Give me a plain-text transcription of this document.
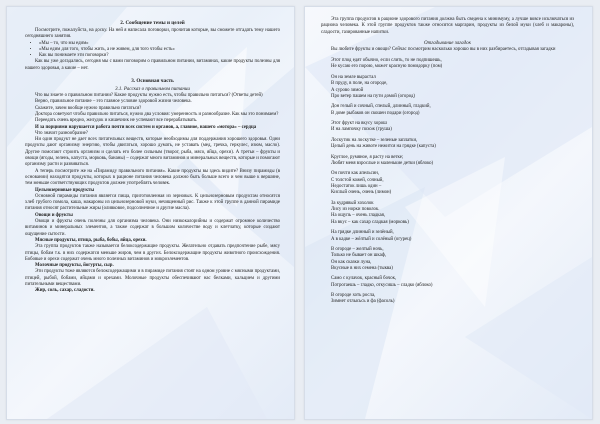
2. Сообщение темы и целей

Посмотрите, пожалуйста, на доску. На ней я написала поговорки, прочитав которые, вы сможете отгадать тему нашего сегодняшнего занятия.

• «Мы – то, что мы едим»
• «Мы едим для того, чтобы жить, а не живем, для того чтобы есть»
• Как вы понимаете эти поговорки?

Как вы уже догадались, сегодня мы с вами поговорим о правильном питании, витаминах, какие продукты полезны для нашего здоровья, а какие – нет.

3. Основная часть
3.1. Рассказ о правильном питании

Что вы знаете о правильном питании? Какие продукты нужно есть, чтобы правильно питаться? (Ответы детей)

Верно, правильное питание – это главное условие здоровой жизни человека.

Скажите, зачем вообще нужно правильно питаться?

Доктора советуют чтобы правильно питаться, нужно два условия: умеренность и разнообразие. Как мы это понимаем?

Переедать очень вредно, желудок и кишечник не успевают все перерабатывать.

И за порциями нарушается работа почти всех систем и органов, а, главное, нашего «мотора» – сердца

Что значит разнообразие?

Ни один продукт не дает всех питательных веществ, которые необходимы для поддержания хорошего здоровья. Одни продукты дают организму энергию, чтобы двигаться, хорошо думать, не уставать (мед, гречка, геркулес, изюм, масло). Другие помогают строить организм и сделать его более сильным (творог, рыба, мясо, яйца, орехи). А третьи – фрукты и овощи (ягоды, зелень, капуста, морковь, бананы) – содержат много витаминов и минеральных веществ, которые и помогают организму расти и развиваться.

А теперь посмотрите же на «Пирамиду правильного питания». Какие продукты вы здесь видите? Внизу пирамиды (в основании) находятся продукты, которых в рационе питания человека должно быть больше всего и чем выше к вершине, тем меньше соответствующих продуктов должен употреблять человек.

Цельнозерновые продукты

Основной пирамиды питания является пища, приготовленная из зерновых. К цельнозерновым продуктам относятся хлеб грубого помола, каша, макароны из цельнозерновой муки, нечищенный рис. Также к этой группе в данной пирамиде питания относят растительные жиры (оливковое, подсолнечное и другие масла).

Овощи и фрукты

Овощи и фрукты очень полезны для организма человека. Они низкокалорийны и содержат огромное количество витаминов и минеральных элементов, а также содержат в большом количестве воду и клетчатку, которые создают ощущение сытости.

Мясные продукты, птица, рыба, бобы, яйца, орехи.

Эта группа продуктов также называется белоксодержащие продукты. Желательно отдавать предпочтение рыбе, мясу птицы, бобам т.к. в них содержатся меньше жиров, чем в других. Белоксодержащие продукты животного происхождения. Бобовые и орехи содержат очень много полезных витаминов и микроэлементов.

Молочные продукты, йогурты, сыр.

Эти продукты тоже являются белоксодержащими и в пирамиде питания стоят на одном уровне с мясными продуктами, птицей, рыбой, бобами, яйцами и орехами. Молочные продукты обеспечивают нас белками, кальцием и другими питательными веществами.

Жир, соль, сахар, сладости.

Эта группа продуктов в рационе здорового питания должна быть сведена к минимуму, а лучше вовсе исключаться из рациона человека. К этой группе продуктов также относятся маргарин, продукты из белой муки (хлеб и макароны), сладости, газированные напитки.

Отгадывание загадок

Вы любите фрукты и овощи? Сейчас посмотрим насколько хорошо вы в них разбираетесь, отгадывая загадки

Этот плод едят обычно, если слить, то не подпишешь,
Не кусаю его порою, может красную помидорку (пом)
Он на земле вырастал
В пруду, в поле, на огороде,
А сурово зимой
Про ветер пашем на пути домой (огород)
Дон гелый и сочный, спелый, длинный, гладкий,
В доме рыбаков он скошен подари (огород)
Этот фрукт на вкусу хорош
И на лампочку похож (груша)
Лоскутик на лоскутке – зеленые заплатки,
Целый день на животе нежится на грядке (капуста)
Круглое, румяное, я расту на ветке;
Любят меня взрослые и маленькие детки (яблоко)
Он почти как апельсин,
С толстой кожей, сочный,
Недостаток лишь один –
Кислый очень, очень (лимон)
За кудрявый хохолок
Лису из норки поволок.
На ощупь – очень гладкая,
На вкус – как сахар сладкая (морковь)
На грядке длинный и зелёный,
А в кадке – жёлтый и солёный (огурец)
В огороде – желтый ночь,
Только не бывает он шкаф,
Он как сказки луна,
Вкусные в них семена (тыква)
Само с кулачок, красный бочок,
Потрогаешь – гладко, откусишь – сладко (яблоко)
В огороде хоть росла,
Зимнет отлысьсь и фа (фасоль)
